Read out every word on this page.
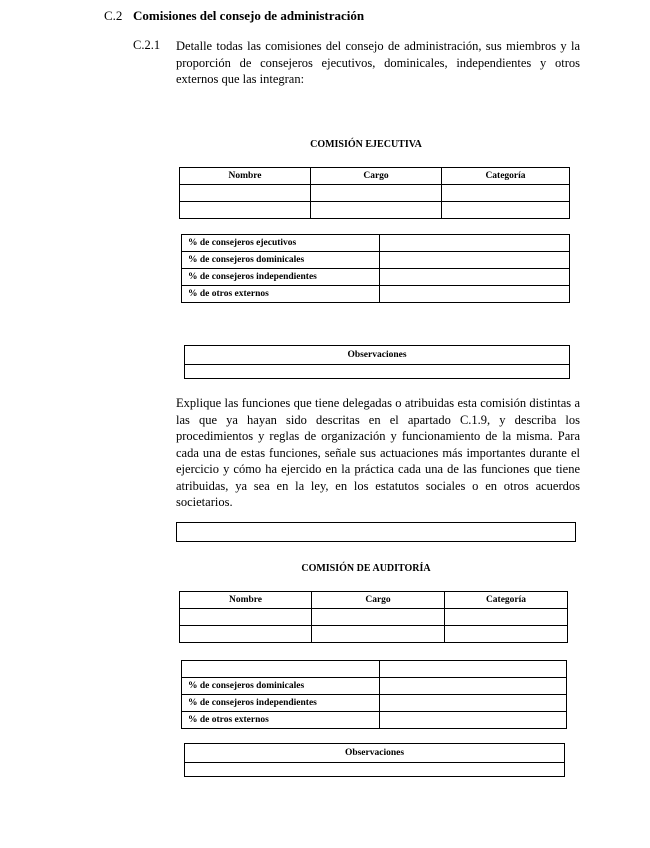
C.2 Comisiones del consejo de administración
C.2.1 Detalle todas las comisiones del consejo de administración, sus miembros y la proporción de consejeros ejecutivos, dominicales, independientes y otros externos que las integran:
COMISIÓN EJECUTIVA
Nombre	Cargo	Categoría

% de consejeros ejecutivos	
% de consejeros dominicales	
% de consejeros independientes	
% de otros externos	
Observaciones

Explique las funciones que tiene delegadas o atribuidas esta comisión distintas a las que ya hayan sido descritas en el apartado C.1.9, y describa los procedimientos y reglas de organización y funcionamiento de la misma. Para cada una de estas funciones, señale sus actuaciones más importantes durante el ejercicio y cómo ha ejercido en la práctica cada una de las funciones que tiene atribuidas, ya sea en la ley, en los estatutos sociales o en otros acuerdos societarios.
COMISIÓN DE AUDITORÍA
Nombre	Cargo	Categoría

% de consejeros dominicales	
% de consejeros independientes	
% de otros externos	
Observaciones
